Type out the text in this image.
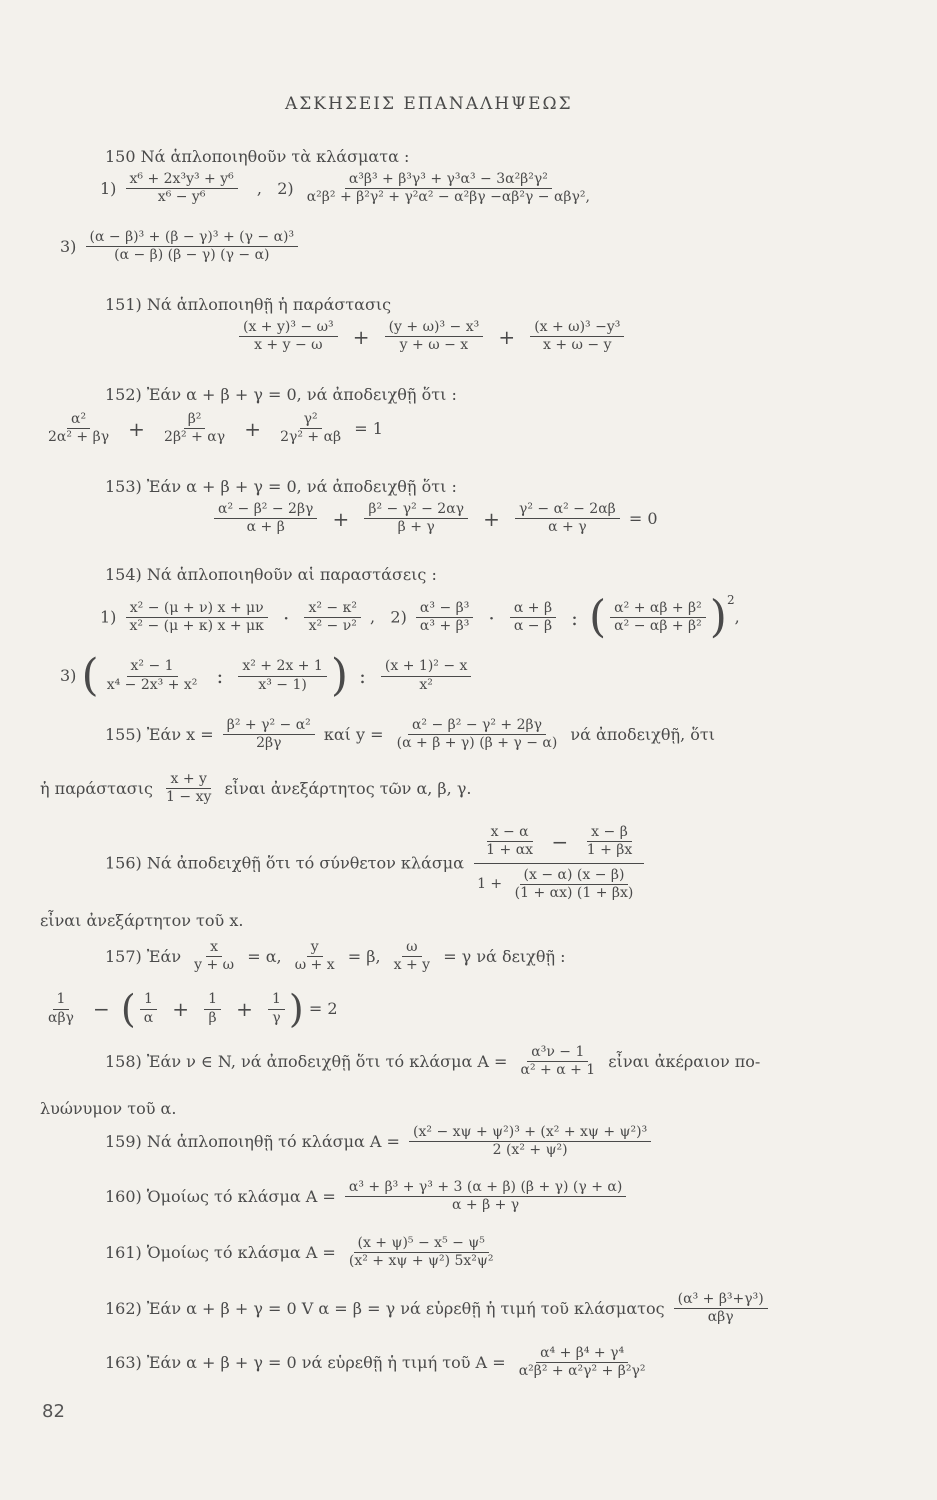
ΑΣΚΗΣΕΙΣ ΕΠΑΝΑΛΗΨΕΩΣ
150 Νά ἁπλοποιηθοῦν τὰ κλάσματα :
$1) \frac{\text{x⁶ + 2x³y³ + y⁶}}{\text{x⁶ − y⁶}}$ ,   $2) \frac{\text{α³β³ + β³γ³ + γ³α³ − 3α²β²γ²}}{\text{α²β² + β²γ² + γ²α² − α²βγ −αβ²γ − αβγ²,}}$
$3) \frac{\text{(α − β)³ + (β − γ)³ + (γ − α)³}}{(\alpha - \beta) (\beta - \gamma) (\gamma - \alpha)}$
151) Νά ἁπλοποιηθῇ ἡ παράστασις
$\frac{\text{(x + y)³ − ω³}}{x + y - \omega} + \frac{\text{(y + ω)³ − x³}}{y + \omega - x} + \frac{\text{(x + ω)³ −y³}}{x + \omega - y}$
152) Ἐάν α + β + γ = 0, νά ἀποδειχθῇ ὅτι :
$\frac{\text{α²}}{\text{2α² + βγ}} + \frac{\text{β²}}{\text{2β² + αγ}} + \frac{\text{γ²}}{\text{2γ² + αβ}} = 1$
153) Ἐάν α + β + γ = 0, νά ἀποδειχθῇ ὅτι :
$\frac{\text{α² − β² − 2βγ}}{\alpha + \beta} + \frac{\text{β² − γ² − 2αγ}}{\beta + \gamma} + \frac{\text{γ² − α² − 2αβ}}{\alpha + \gamma} = 0$
154) Νά ἁπλοποιηθοῦν αἱ παραστάσεις :
$1) \frac{\text{x² − (μ + ν) x + μν}}{\text{x² − (μ + κ) x + μκ}} \cdot \frac{\text{x² − κ²}}{\text{x² − ν²}}$ ,   $2) \frac{\text{α³ − β³}}{\text{α³ + β³}} \cdot \frac{\alpha + \beta}{\alpha - \beta}$ : ( $\frac{\text{α² + αβ + β²}}{\text{α² − αβ + β²}} )^2$,
3) ( $\frac{\text{x² − 1}}{\text{x⁴ − 2x³ + x²}}$ : $\frac{\text{x² + 2x + 1}}{\text{x³ − 1)}}$ ) : $\frac{\text{(x + 1)² − x}}{\text{x²}}$
155) Ἐάν $x = \frac{\text{β² + γ² − α²}}{2\beta\gamma}$ καί $y = \frac{\text{α² − β² − γ² + 2βγ}}{(\alpha + \beta + \gamma) (\beta + \gamma - \alpha)}$ νά ἀποδειχθῇ, ὅτι
ἡ παράστασις $\frac{x + y}{1 - xy}$ εἶναι ἀνεξάρτητος τῶν α, β, γ.
156) Νά ἀποδειχθῇ ὅτι τό σύνθετον κλάσμα $\frac{\frac{x - \alpha}{1 + \alpha x} - \frac{x - \beta}{1 + \beta x}}{1 + \frac{(x - \alpha) (x - \beta)}{(1 + \alpha x) (1 + \beta x)}}$
εἶναι ἀνεξάρτητον τοῦ x.
157) Ἐάν $\frac{x}{y + \omega} = \alpha$, $\frac{y}{\omega + x} = \beta$, $\frac{\omega}{x + y} = \gamma$ νά δειχθῇ :
$\frac{1}{\text{αβγ}}$ − ( $\frac{1}{\alpha} + \frac{1}{\beta} + \frac{1}{\gamma}$ ) = 2
158) Ἐάν ν ∈ N, νά ἀποδειχθῇ ὅτι τό κλάσμα $A = \frac{\text{α³ν − 1}}{\text{α² + α + 1}}$ εἶναι ἀκέραιον πο-
λυώνυμον τοῦ α.
159) Νά ἁπλοποιηθῇ τό κλάσμα $A = \frac{\text{(x² − xψ + ψ²)³ + (x² + xψ + ψ²)³}}{\text{2 (x² + ψ²)}}$
160) Ὁμοίως τό κλάσμα $A = \frac{\text{α³ + β³ + γ³ + 3 (α + β) (β + γ) (γ + α)}}{\alpha + \beta + \gamma}$
161) Ὁμοίως τό κλάσμα $A = \frac{\text{(x + ψ)⁵ − x⁵ − ψ⁵}}{\text{(x² + xψ + ψ²) 5x²ψ²}}$
162) Ἐάν α + β + γ = 0 V α = β = γ νά εὑρεθῇ ἡ τιμή τοῦ κλάσματος $\frac{\text{(α³ + β³+γ³)}}{\text{αβγ}}$
163) Ἐάν α + β + γ = 0 νά εὑρεθῇ ἡ τιμή τοῦ $A = \frac{\text{α⁴ + β⁴ + γ⁴}}{\text{α²β² + α²γ² + β²γ²}}$
82
